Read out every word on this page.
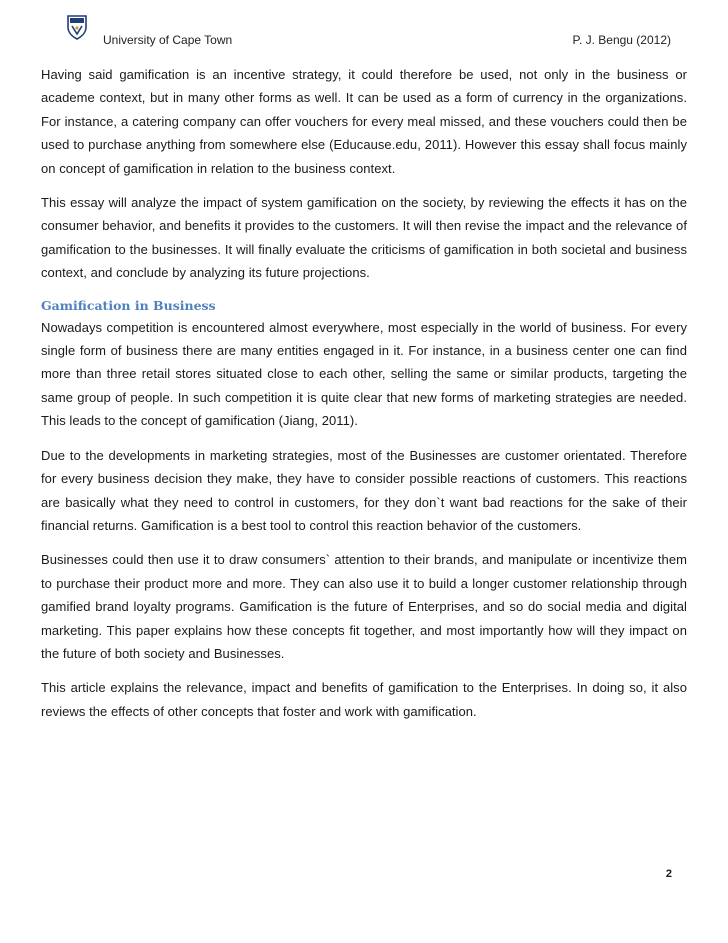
University of Cape Town	P. J. Bengu (2012)

Having said gamification is an incentive strategy, it could therefore be used, not only in the business or academe context, but in many other forms as well. It can be used as a form of currency in the organizations. For instance, a catering company can offer vouchers for every meal missed, and these vouchers could then be used to purchase anything from somewhere else (Educause.edu, 2011). However this essay shall focus mainly on concept of gamification in relation to the business context.

This essay will analyze the impact of system gamification on the society, by reviewing the effects it has on the consumer behavior, and benefits it provides to the customers. It will then revise the impact and the relevance of gamification to the businesses. It will finally evaluate the criticisms of gamification in both societal and business context, and conclude by analyzing its future projections.

Gamification in Business

Nowadays competition is encountered almost everywhere, most especially in the world of business. For every single form of business there are many entities engaged in it. For instance, in a business center one can find more than three retail stores situated close to each other, selling the same or similar products, targeting the same group of people. In such competition it is quite clear that new forms of marketing strategies are needed. This leads to the concept of gamification (Jiang, 2011).

Due to the developments in marketing strategies, most of the Businesses are customer orientated. Therefore for every business decision they make, they have to consider possible reactions of customers. This reactions are basically what they need to control in customers, for they don`t want bad reactions for the sake of their financial returns. Gamification is a best tool to control this reaction behavior of the customers.

Businesses could then use it to draw consumers` attention to their brands, and manipulate or incentivize them to purchase their product more and more. They can also use it to build a longer customer relationship through gamified brand loyalty programs. Gamification is the future of Enterprises, and so do social media and digital marketing. This paper explains how these concepts fit together, and most importantly how will they impact on the future of both society and Businesses.

This article explains the relevance, impact and benefits of gamification to the Enterprises. In doing so, it also reviews the effects of other concepts that foster and work with gamification.

2
